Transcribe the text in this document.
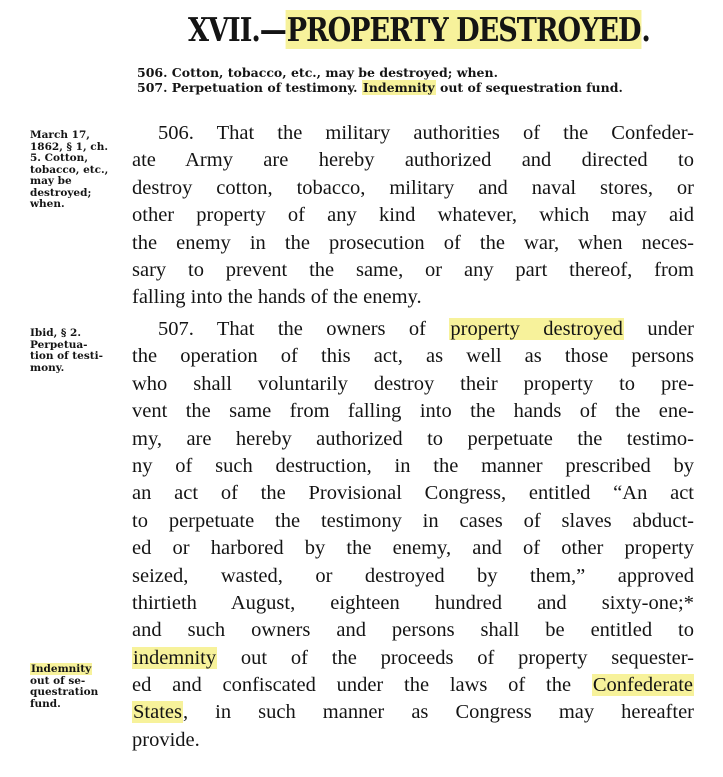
XVII.—PROPERTY DESTROYED.
506. Cotton, tobacco, etc., may be destroyed; when.
507. Perpetuation of testimony. Indemnity out of sequestration fund.
March 17,
1862, § 1, ch.
5. Cotton,
tobacco, etc.,
may be
destroyed;
when.
Ibid, § 2.
Perpetua-
tion of testi-
mony.
Indemnity
out of se-
questration
fund.
506. That the military authorities of the Confeder-
ate Army are hereby authorized and directed to
destroy cotton, tobacco, military and naval stores, or
other property of any kind whatever, which may aid
the enemy in the prosecution of the war, when neces-
sary to prevent the same, or any part thereof, from
falling into the hands of the enemy.
507. That the owners of property destroyed under
the operation of this act, as well as those persons
who shall voluntarily destroy their property to pre-
vent the same from falling into the hands of the ene-
my, are hereby authorized to perpetuate the testimo-
ny of such destruction, in the manner prescribed by
an act of the Provisional Congress, entitled “An act
to perpetuate the testimony in cases of slaves abduct-
ed or harbored by the enemy, and of other property
seized, wasted, or destroyed by them,” approved
thirtieth August, eighteen hundred and sixty-one;*
and such owners and persons shall be entitled to
indemnity out of the proceeds of property sequester-
ed and confiscated under the laws of the Confederate
States, in such manner as Congress may hereafter
provide.
